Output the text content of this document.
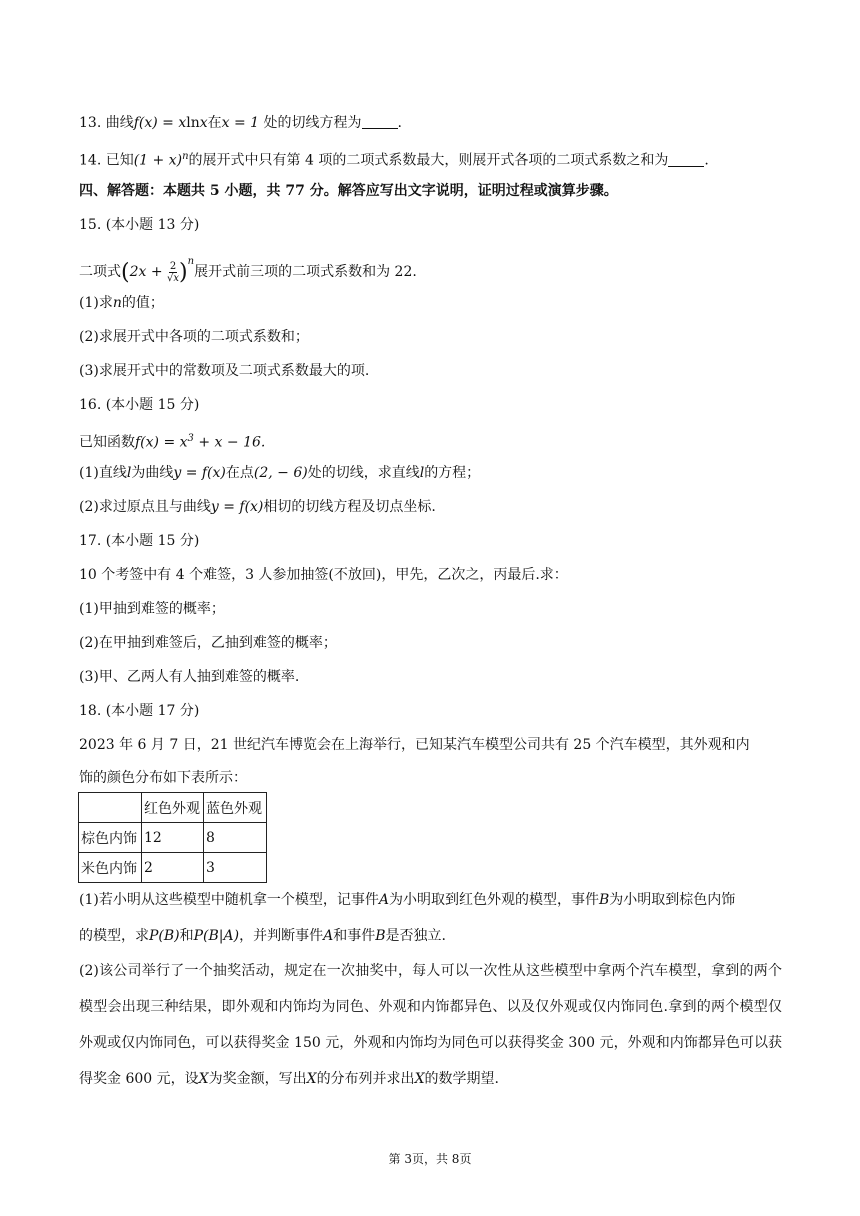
13. 曲线f(x) = xlnx在x = 1 处的切线方程为	.
14. 已知$(1 + x)^n$的展开式中只有第 4 项的二项式系数最大，则展开式各项的二项式系数之和为	.
四、解答题：本题共 5 小题，共 77 分。解答应写出文字说明，证明过程或演算步骤。
15. (本小题 13 分)
二项式$(2x + \frac{2}{√x} )^n$展开式前三项的二项式系数和为 22.
(1)求n的值；
(2)求展开式中各项的二项式系数和；
(3)求展开式中的常数项及二项式系数最大的项.
16. (本小题 15 分)
已知函数$f(x) = x^3 + x - 16$.
(1)直线l为曲线y = f(x)在点(2, − 6)处的切线，求直线l的方程；
(2)求过原点且与曲线y = f(x)相切的切线方程及切点坐标.
17. (本小题 15 分)
10 个考签中有 4 个难签，3 人参加抽签(不放回)，甲先，乙次之，丙最后.求：
(1)甲抽到难签的概率；
(2)在甲抽到难签后，乙抽到难签的概率；
(3)甲、乙两人有人抽到难签的概率.
18. (本小题 17 分)
2023 年 6 月 7 日，21 世纪汽车博览会在上海举行，已知某汽车模型公司共有 25 个汽车模型，其外观和内
饰的颜色分布如下表所示：
	红色外观	蓝色外观
棕色内饰	12	8
米色内饰	2	3
(1)若小明从这些模型中随机拿一个模型，记事件A为小明取到红色外观的模型，事件B为小明取到棕色内饰
的模型，求P(B)和P(B|A)，并判断事件A和事件B是否独立.
(2)该公司举行了一个抽奖活动，规定在一次抽奖中，每人可以一次性从这些模型中拿两个汽车模型，拿到的两个模型会出现三种结果，即外观和内饰均为同色、外观和内饰都异色、以及仅外观或仅内饰同色.拿到的两个模型仅外观或仅内饰同色，可以获得奖金 150 元，外观和内饰均为同色可以获得奖金 300 元，外观和内饰都异色可以获得奖金 600 元，设X为奖金额，写出X的分布列并求出X的数学期望.
第 3页，共 8页
